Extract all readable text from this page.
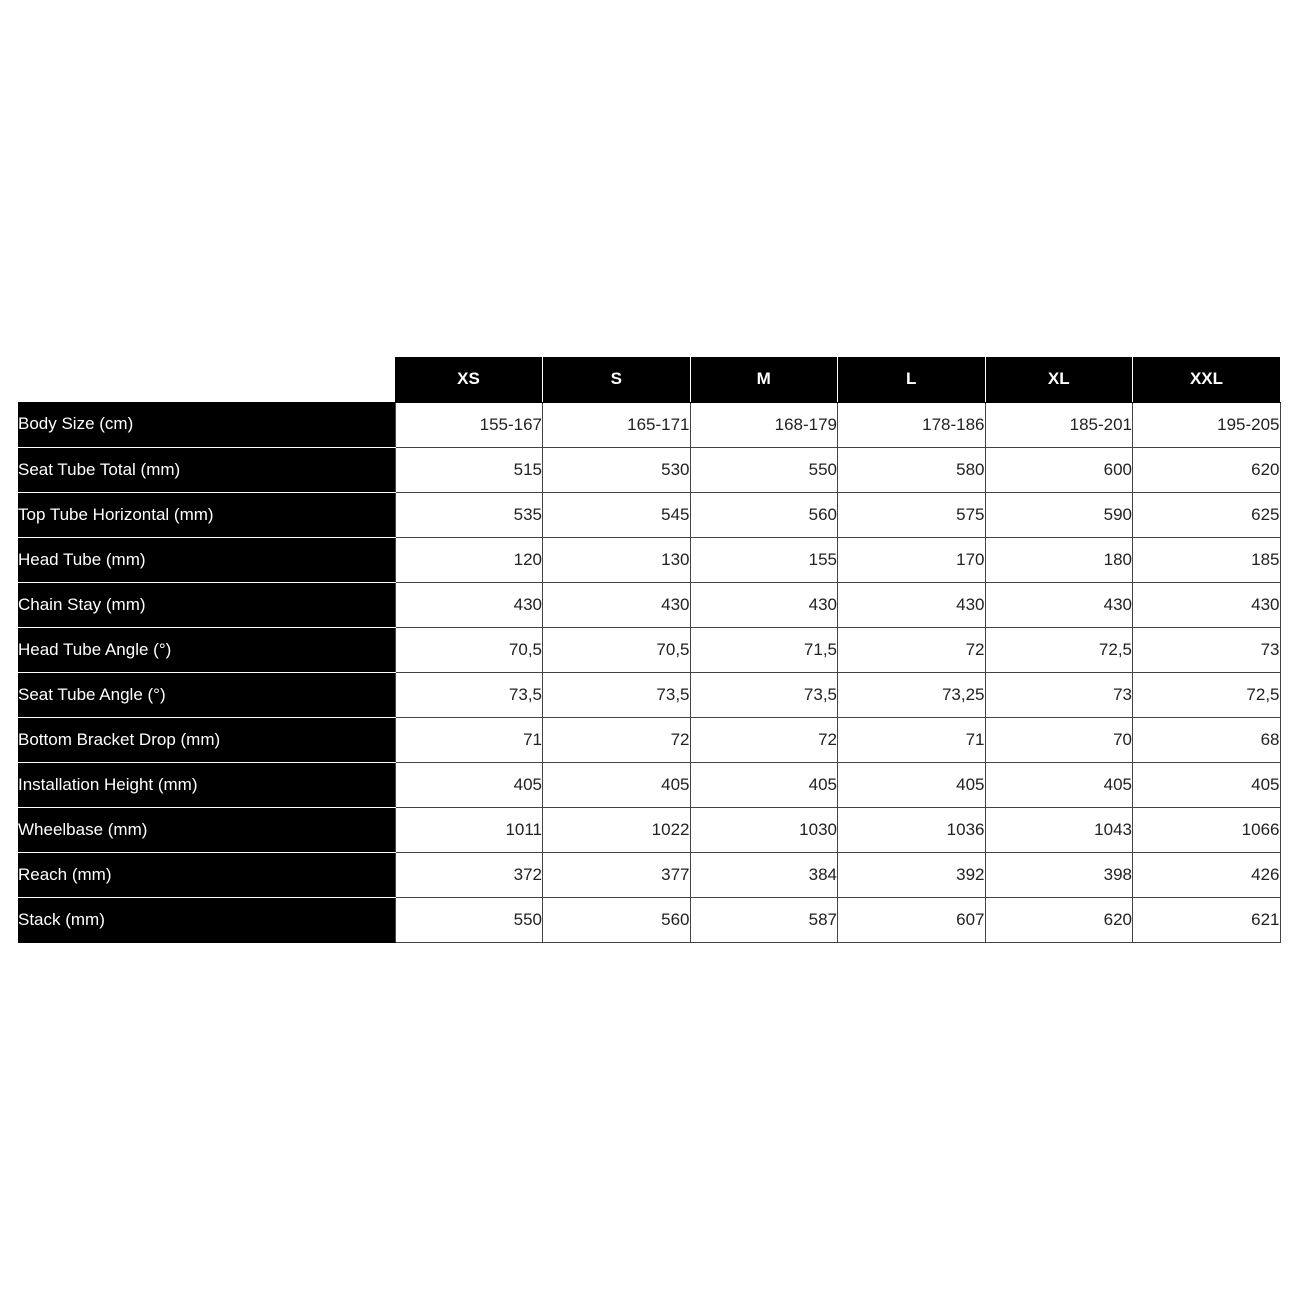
	XS	S	M	L	XL	XXL
Body Size (cm)	155-167	165-171	168-179	178-186	185-201	195-205
Seat Tube Total (mm)	515	530	550	580	600	620
Top Tube Horizontal (mm)	535	545	560	575	590	625
Head Tube (mm)	120	130	155	170	180	185
Chain Stay (mm)	430	430	430	430	430	430
Head Tube Angle (°)	70,5	70,5	71,5	72	72,5	73
Seat Tube Angle (°)	73,5	73,5	73,5	73,25	73	72,5
Bottom Bracket Drop (mm)	71	72	72	71	70	68
Installation Height (mm)	405	405	405	405	405	405
Wheelbase (mm)	1011	1022	1030	1036	1043	1066
Reach (mm)	372	377	384	392	398	426
Stack (mm)	550	560	587	607	620	621
